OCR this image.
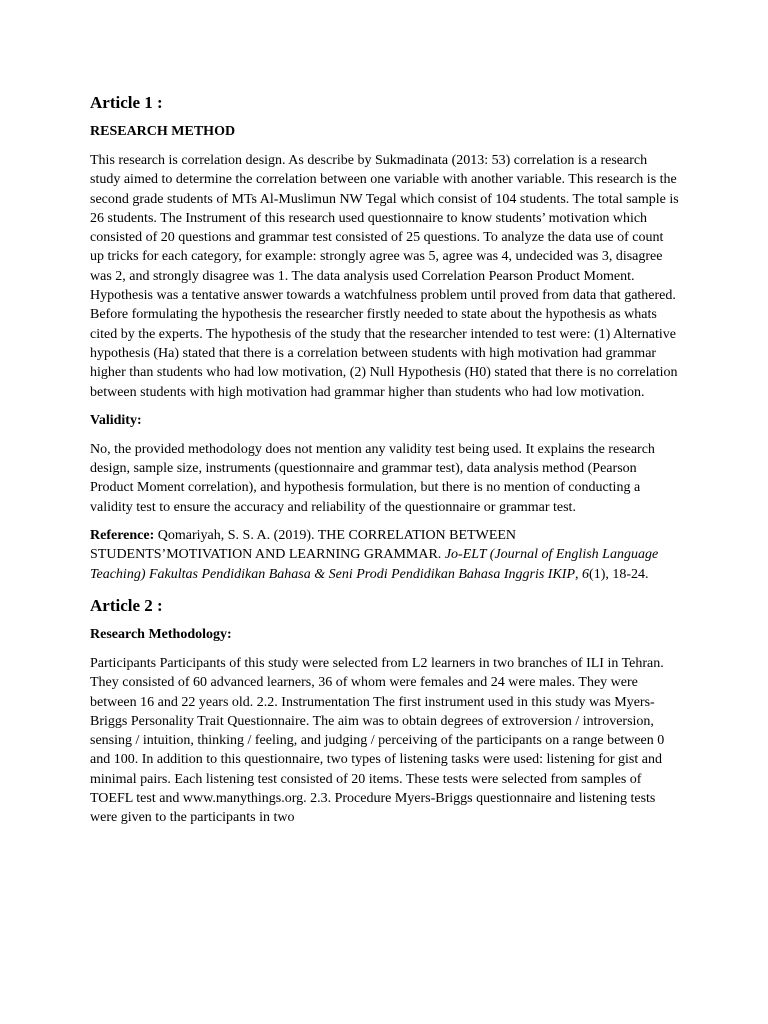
Article 1 :
RESEARCH METHOD

This research is correlation design. As describe by Sukmadinata (2013: 53) correlation is a research study aimed to determine the correlation between one variable with another variable. This research is the second grade students of MTs Al-Muslimun NW Tegal which consist of 104 students. The total sample is 26 students. The Instrument of this research used questionnaire to know students’ motivation which consisted of 20 questions and grammar test consisted of 25 questions. To analyze the data use of count up tricks for each category, for example: strongly agree was 5, agree was 4, undecided was 3, disagree was 2, and strongly disagree was 1. The data analysis used Correlation Pearson Product Moment. Hypothesis was a tentative answer towards a watchfulness problem until proved from data that gathered. Before formulating the hypothesis the researcher firstly needed to state about the hypothesis as whats cited by the experts. The hypothesis of the study that the researcher intended to test were: (1) Alternative hypothesis (Ha) stated that there is a correlation between students with high motivation had grammar higher than students who had low motivation, (2) Null Hypothesis (H0) stated that there is no correlation between students with high motivation had grammar higher than students who had low motivation.

Validity:

No, the provided methodology does not mention any validity test being used. It explains the research design, sample size, instruments (questionnaire and grammar test), data analysis method (Pearson Product Moment correlation), and hypothesis formulation, but there is no mention of conducting a validity test to ensure the accuracy and reliability of the questionnaire or grammar test.

Reference: Qomariyah, S. S. A. (2019). THE CORRELATION BETWEEN STUDENTS’MOTIVATION AND LEARNING GRAMMAR. Jo-ELT (Journal of English Language Teaching) Fakultas Pendidikan Bahasa & Seni Prodi Pendidikan Bahasa Inggris IKIP, 6(1), 18-24.

Article 2 :
Research Methodology:

Participants Participants of this study were selected from L2 learners in two branches of ILI in Tehran. They consisted of 60 advanced learners, 36 of whom were females and 24 were males. They were between 16 and 22 years old. 2.2. Instrumentation The first instrument used in this study was Myers-Briggs Personality Trait Questionnaire. The aim was to obtain degrees of extroversion / introversion, sensing / intuition, thinking / feeling, and judging / perceiving of the participants on a range between 0 and 100. In addition to this questionnaire, two types of listening tasks were used: listening for gist and minimal pairs. Each listening test consisted of 20 items. These tests were selected from samples of TOEFL test and www.manythings.org. 2.3. Procedure Myers-Briggs questionnaire and listening tests were given to the participants in two
